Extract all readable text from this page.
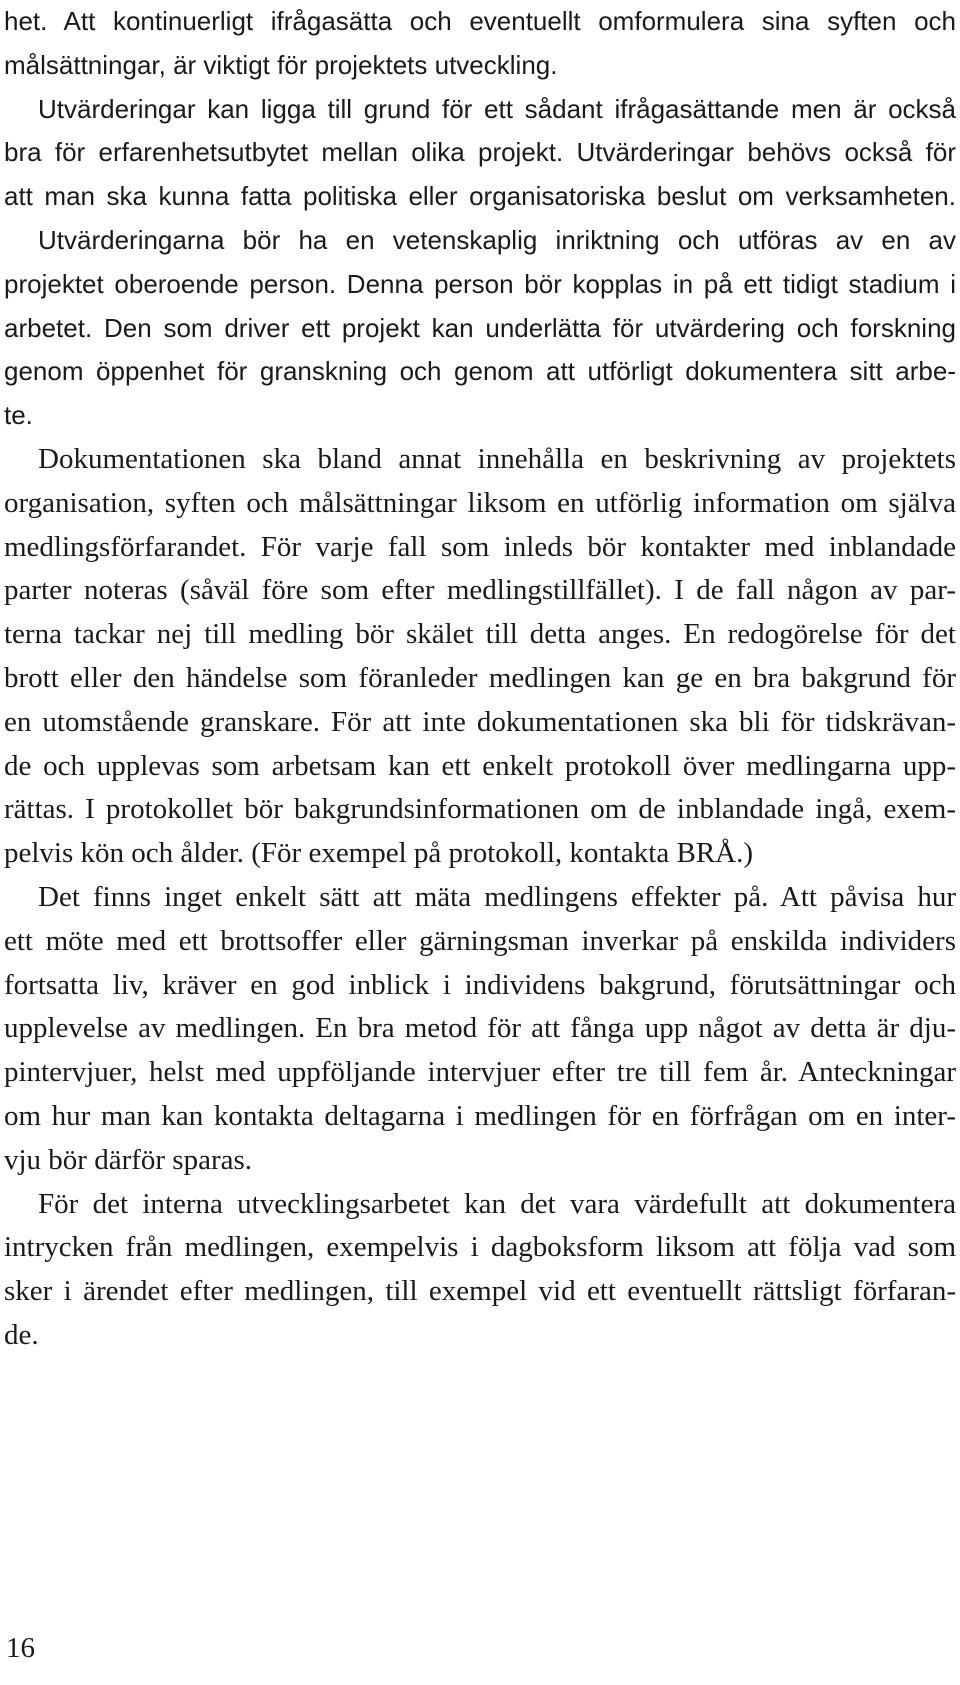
het. Att kontinuerligt ifrågasätta och eventuellt omformulera sina syften och
målsättningar, är viktigt för projektets utveckling.
Utvärderingar kan ligga till grund för ett sådant ifrågasättande men är också
bra för erfarenhetsutbytet mellan olika projekt. Utvärderingar behövs också för
att man ska kunna fatta politiska eller organisatoriska beslut om verksamheten.
Utvärderingarna bör ha en vetenskaplig inriktning och utföras av en av
projektet oberoende person. Denna person bör kopplas in på ett tidigt stadium i
arbetet. Den som driver ett projekt kan underlätta för utvärdering och forskning
genom öppenhet för granskning och genom att utförligt dokumentera sitt arbe-
te.
Dokumentationen ska bland annat innehålla en beskrivning av projektets
organisation, syften och målsättningar liksom en utförlig information om själva
medlingsförfarandet. För varje fall som inleds bör kontakter med inblandade
parter noteras (såväl före som efter medlingstillfället). I de fall någon av par-
terna tackar nej till medling bör skälet till detta anges. En redogörelse för det
brott eller den händelse som föranleder medlingen kan ge en bra bakgrund för
en utomstående granskare. För att inte dokumentationen ska bli för tidskrävan-
de och upplevas som arbetsam kan ett enkelt protokoll över medlingarna upp-
rättas. I protokollet bör bakgrundsinformationen om de inblandade ingå, exem-
pelvis kön och ålder. (För exempel på protokoll, kontakta BRÅ.)
Det finns inget enkelt sätt att mäta medlingens effekter på. Att påvisa hur
ett möte med ett brottsoffer eller gärningsman inverkar på enskilda individers
fortsatta liv, kräver en god inblick i individens bakgrund, förutsättningar och
upplevelse av medlingen. En bra metod för att fånga upp något av detta är dju-
pintervjuer, helst med uppföljande intervjuer efter tre till fem år. Anteckningar
om hur man kan kontakta deltagarna i medlingen för en förfrågan om en inter-
vju bör därför sparas.
För det interna utvecklingsarbetet kan det vara värdefullt att dokumentera
intrycken från medlingen, exempelvis i dagboksform liksom att följa vad som
sker i ärendet efter medlingen, till exempel vid ett eventuellt rättsligt förfaran-
de.
16
